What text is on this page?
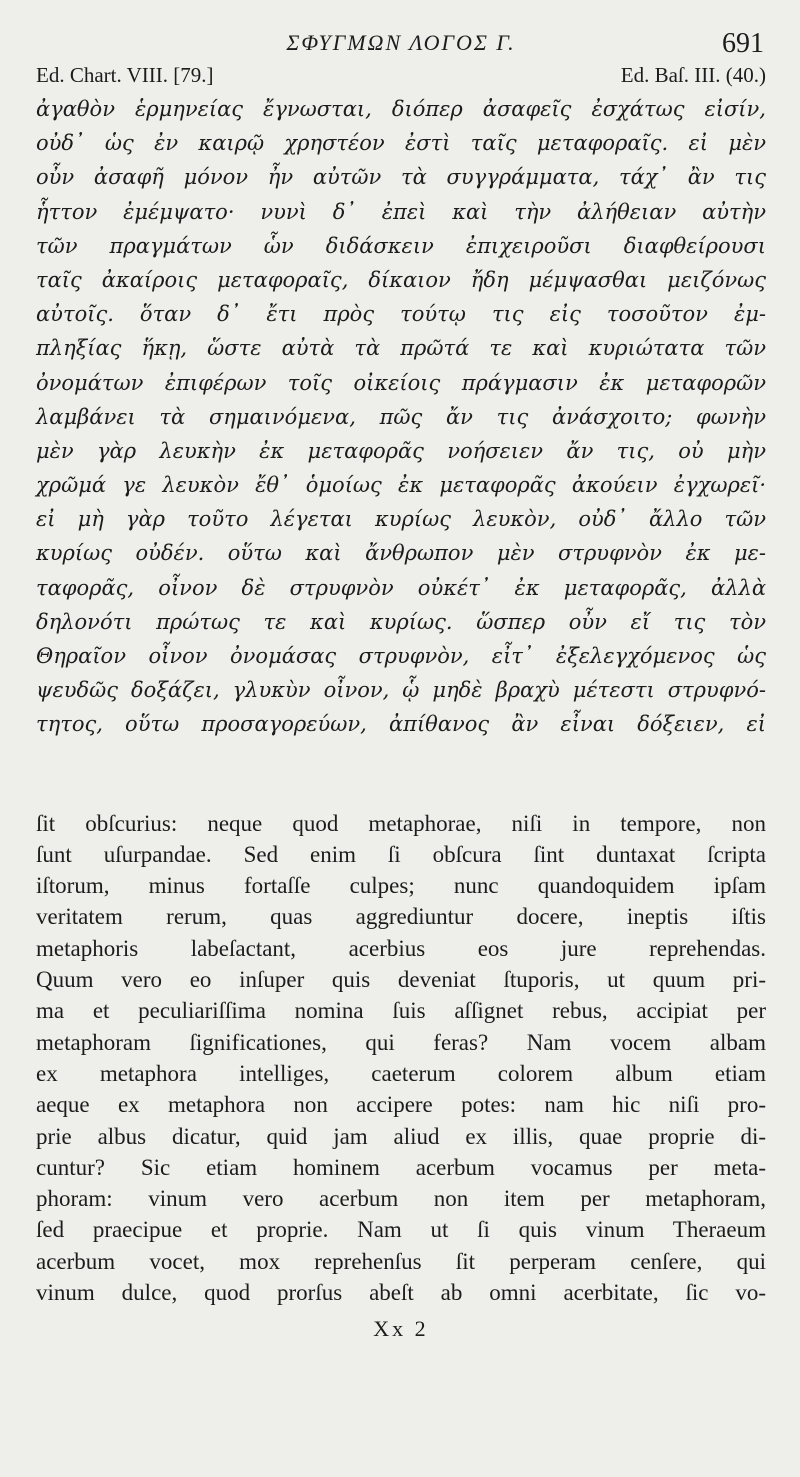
ΣΦΥΓΜΩΝ ΛΟΓΟΣ Γ.	691
Ed. Chart. VIII. [79.]	Ed. Baſ. III. (40.)
ἀγαθὸν ἑρμηνείας ἔγνωσται, διόπερ ἀσαφεῖς ἐσχάτως εἰσίν,
οὐδ᾽ ὡς ἐν καιρῷ χρηστέον ἐστὶ ταῖς μεταφοραῖς. εἰ μὲν
οὖν ἀσαφῆ μόνον ἦν αὐτῶν τὰ συγγράμματα, τάχ᾽ ἂν τις
ἧττον ἐμέμψατο· νυνὶ δ᾽ ἐπεὶ καὶ τὴν ἀλήθειαν αὐτὴν
τῶν πραγμάτων ὧν διδάσκειν ἐπιχειροῦσι διαφθείρουσι
ταῖς ἀκαίροις μεταφοραῖς, δίκαιον ἤδη μέμψασθαι μειζόνως
αὐτοῖς. ὅταν δ᾽ ἔτι πρὸς τούτῳ τις εἰς τοσοῦτον ἐμ-
πληξίας ἥκῃ, ὥστε αὐτὰ τὰ πρῶτά τε καὶ κυριώτατα τῶν
ὀνομάτων ἐπιφέρων τοῖς οἰκείοις πράγμασιν ἐκ μεταφορῶν
λαμβάνει τὰ σημαινόμενα, πῶς ἄν τις ἀνάσχοιτο; φωνὴν
μὲν γὰρ λευκὴν ἐκ μεταφορᾶς νοήσειεν ἄν τις, οὐ μὴν
χρῶμά γε λευκὸν ἔθ᾽ ὁμοίως ἐκ μεταφορᾶς ἀκούειν ἐγχωρεῖ·
εἰ μὴ γὰρ τοῦτο λέγεται κυρίως λευκὸν, οὐδ᾽ ἄλλο τῶν
κυρίως οὐδέν. οὕτω καὶ ἄνθρωπον μὲν στρυφνὸν ἐκ με-
ταφορᾶς, οἶνον δὲ στρυφνὸν οὐκέτ᾽ ἐκ μεταφορᾶς, ἀλλὰ
δηλονότι πρώτως τε καὶ κυρίως. ὥσπερ οὖν εἴ τις τὸν
Θηραῖον οἶνον ὀνομάσας στρυφνὸν, εἶτ᾽ ἐξελεγχόμενος ὡς
ψευδῶς δοξάζει, γλυκὺν οἶνον, ᾧ μηδὲ βραχὺ μέτεστι στρυφνό-
τητος, οὕτω προσαγορεύων, ἀπίθανος ἂν εἶναι δόξειεν, εἰ
ſit obſcurius: neque quod metaphorae, niſi in tempore, non
ſunt uſurpandae. Sed enim ſi obſcura ſint duntaxat ſcripta
iſtorum, minus fortaſſe culpes; nunc quandoquidem ipſam
veritatem rerum, quas aggrediuntur docere, ineptis iſtis
metaphoris labeſactant, acerbius eos jure reprehendas.
Quum vero eo inſuper quis deveniat ſtuporis, ut quum pri-
ma et peculiariſſima nomina ſuis aſſignet rebus, accipiat per
metaphoram ſignificationes, qui feras? Nam vocem albam
ex metaphora intelliges, caeterum colorem album etiam
aeque ex metaphora non accipere potes: nam hic niſi pro-
prie albus dicatur, quid jam aliud ex illis, quae proprie di-
cuntur? Sic etiam hominem acerbum vocamus per meta-
phoram: vinum vero acerbum non item per metaphoram,
ſed praecipue et proprie. Nam ut ſi quis vinum Theraeum
acerbum vocet, mox reprehenſus ſit perperam cenſere, qui
vinum dulce, quod prorſus abeſt ab omni acerbitate, ſic vo-
Xx 2
